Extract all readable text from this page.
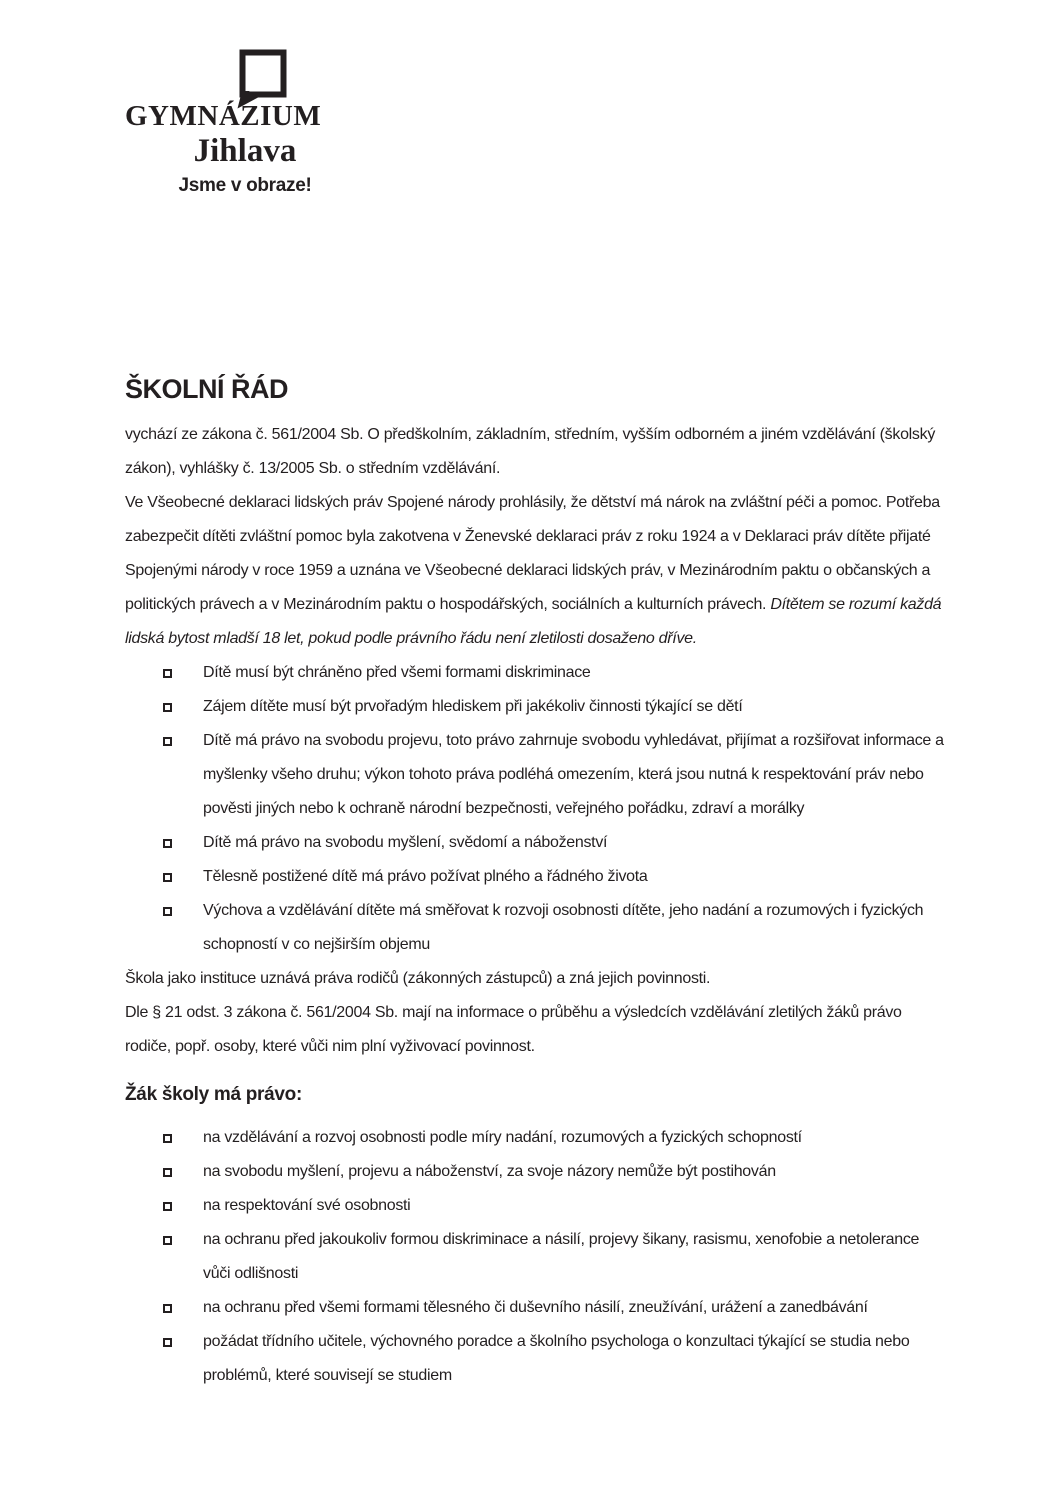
GYMNÁZIUM
Jihlava
Jsme v obraze!
ŠKOLNÍ ŘÁD

vychází ze zákona č. 561/2004 Sb. O předškolním, základním, středním, vyšším odborném a jiném vzdělávání (školský zákon), vyhlášky č. 13/2005 Sb. o středním vzdělávání.

Ve Všeobecné deklaraci lidských práv Spojené národy prohlásily, že dětství má nárok na zvláštní péči a pomoc. Potřeba zabezpečit dítěti zvláštní pomoc byla zakotvena v Ženevské deklaraci práv z roku 1924 a v Deklaraci práv dítěte přijaté Spojenými národy v roce 1959 a uznána ve Všeobecné deklaraci lidských práv, v Mezinárodním paktu o občanských a politických právech a v Mezinárodním paktu o hospodářských, sociálních a kulturních právech. Dítětem se rozumí každá lidská bytost mladší 18 let, pokud podle právního řádu není zletilosti dosaženo dříve.

Dítě musí být chráněno před všemi formami diskriminace
Zájem dítěte musí být prvořadým hlediskem při jakékoliv činnosti týkající se dětí
Dítě má právo na svobodu projevu, toto právo zahrnuje svobodu vyhledávat, přijímat a rozšiřovat informace a myšlenky všeho druhu; výkon tohoto práva podléhá omezením, která jsou nutná k respektování práv nebo pověsti jiných nebo k ochraně národní bezpečnosti, veřejného pořádku, zdraví a morálky
Dítě má právo na svobodu myšlení, svědomí a náboženství
Tělesně postižené dítě má právo požívat plného a řádného života
Výchova a vzdělávání dítěte má směřovat k rozvoji osobnosti dítěte, jeho nadání a rozumových i fyzických schopností v co nejširším objemu

Škola jako instituce uznává práva rodičů (zákonných zástupců) a zná jejich povinnosti.

Dle § 21 odst. 3 zákona č. 561/2004 Sb. mají na informace o průběhu a výsledcích vzdělávání zletilých žáků právo rodiče, popř. osoby, které vůči nim plní vyživovací povinnost.

Žák školy má právo:
na vzdělávání a rozvoj osobnosti podle míry nadání, rozumových a fyzických schopností
na svobodu myšlení, projevu a náboženství, za svoje názory nemůže být postihován
na respektování své osobnosti
na ochranu před jakoukoliv formou diskriminace a násilí, projevy šikany, rasismu, xenofobie a netolerance vůči odlišnosti
na ochranu před všemi formami tělesného či duševního násilí, zneužívání, urážení a zanedbávání
požádat třídního učitele, výchovného poradce a školního psychologa o konzultaci týkající se studia nebo problémů, které souvisejí se studiem
